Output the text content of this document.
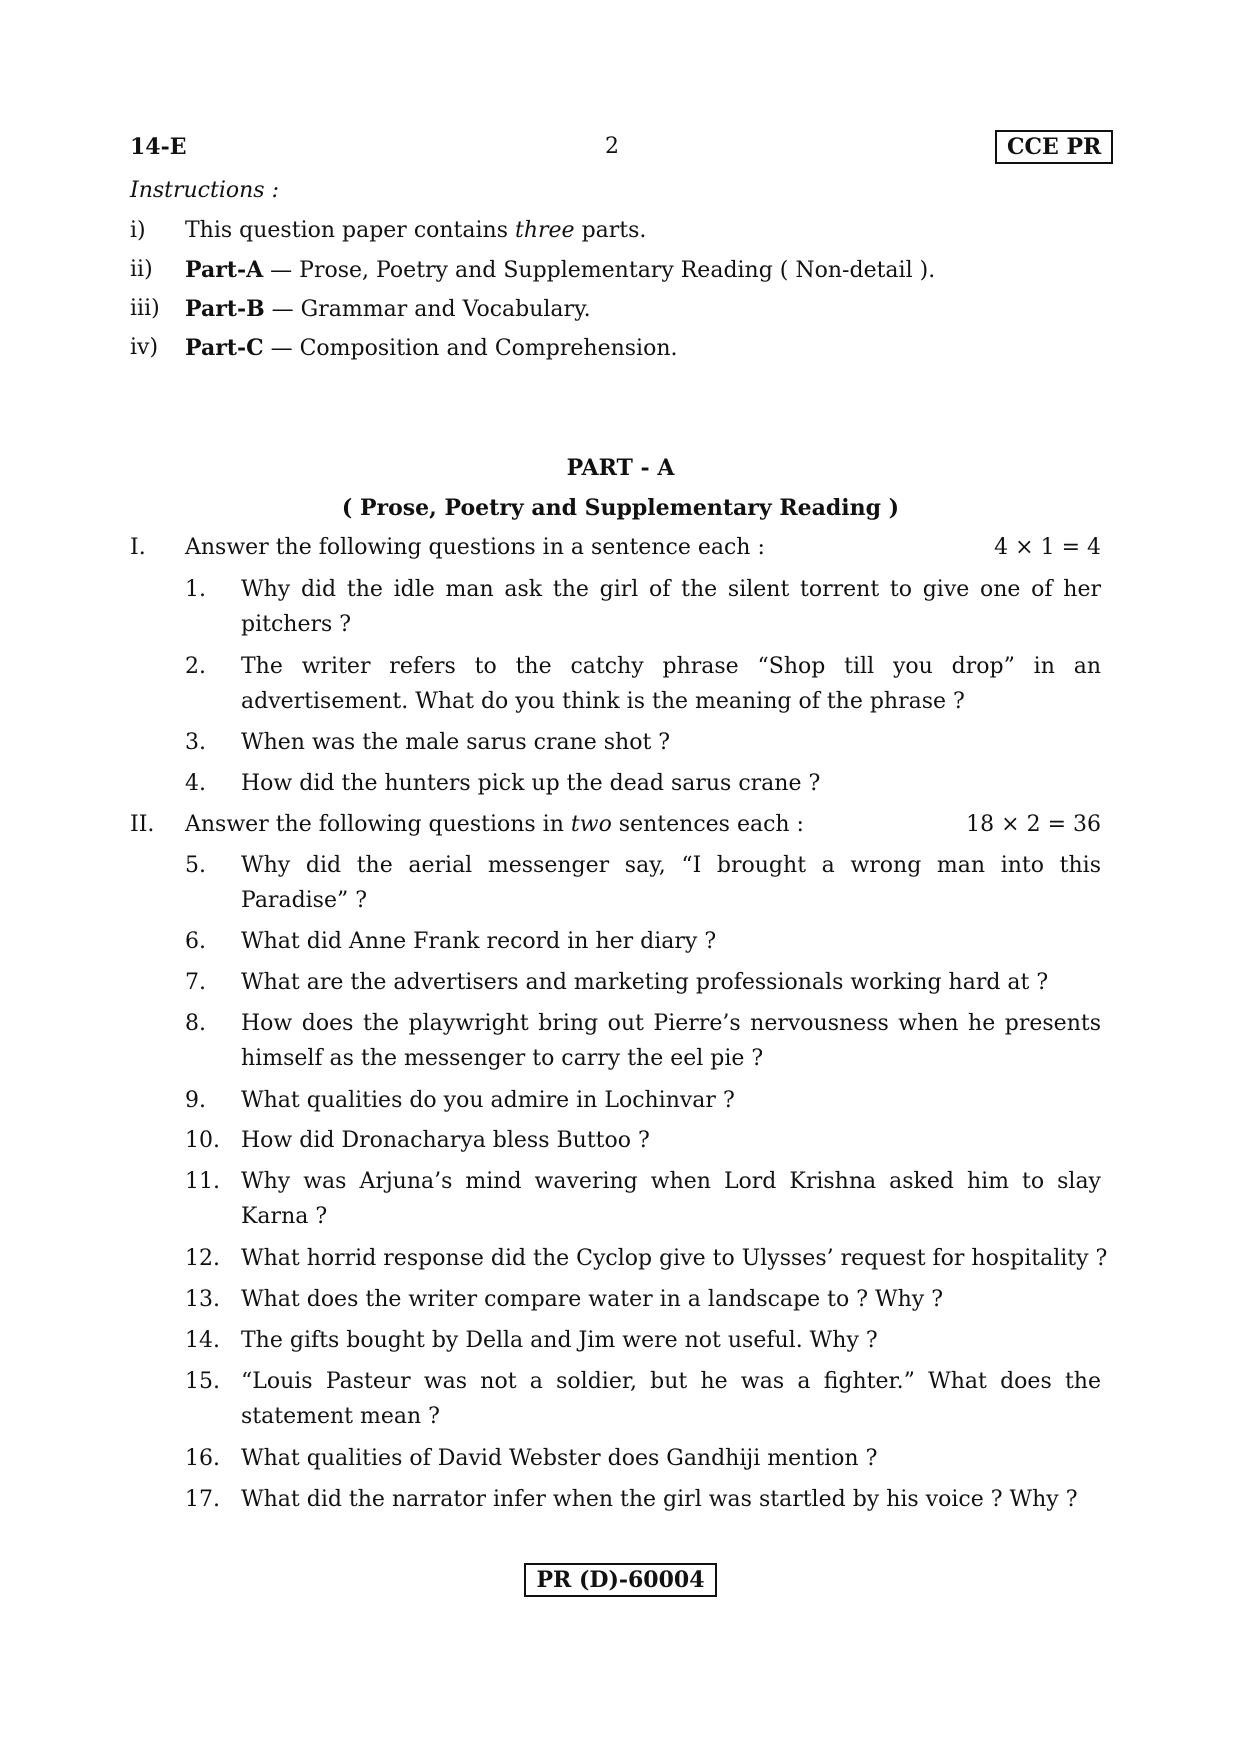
14-E	2	CCE PR
Instructions :
i) This question paper contains three parts.
ii) Part-A — Prose, Poetry and Supplementary Reading ( Non-detail ).
iii) Part-B — Grammar and Vocabulary.
iv) Part-C — Composition and Comprehension.
PART - A
( Prose, Poetry and Supplementary Reading )
I. Answer the following questions in a sentence each :	4 × 1 = 4
1. Why did the idle man ask the girl of the silent torrent to give one of her
pitchers ?
2. The writer refers to the catchy phrase “Shop till you drop” in an
advertisement. What do you think is the meaning of the phrase ?
3. When was the male sarus crane shot ?
4. How did the hunters pick up the dead sarus crane ?
II. Answer the following questions in two sentences each :	18 × 2 = 36
5. Why did the aerial messenger say, “I brought a wrong man into this
Paradise” ?
6. What did Anne Frank record in her diary ?
7. What are the advertisers and marketing professionals working hard at ?
8. How does the playwright bring out Pierre’s nervousness when he presents
himself as the messenger to carry the eel pie ?
9. What qualities do you admire in Lochinvar ?
10. How did Dronacharya bless Buttoo ?
11. Why was Arjuna’s mind wavering when Lord Krishna asked him to slay
Karna ?
12. What horrid response did the Cyclop give to Ulysses’ request for hospitality ?
13. What does the writer compare water in a landscape to ? Why ?
14. The gifts bought by Della and Jim were not useful. Why ?
15. “Louis Pasteur was not a soldier, but he was a fighter.” What does the
statement mean ?
16. What qualities of David Webster does Gandhiji mention ?
17. What did the narrator infer when the girl was startled by his voice ? Why ?
PR (D)-60004
